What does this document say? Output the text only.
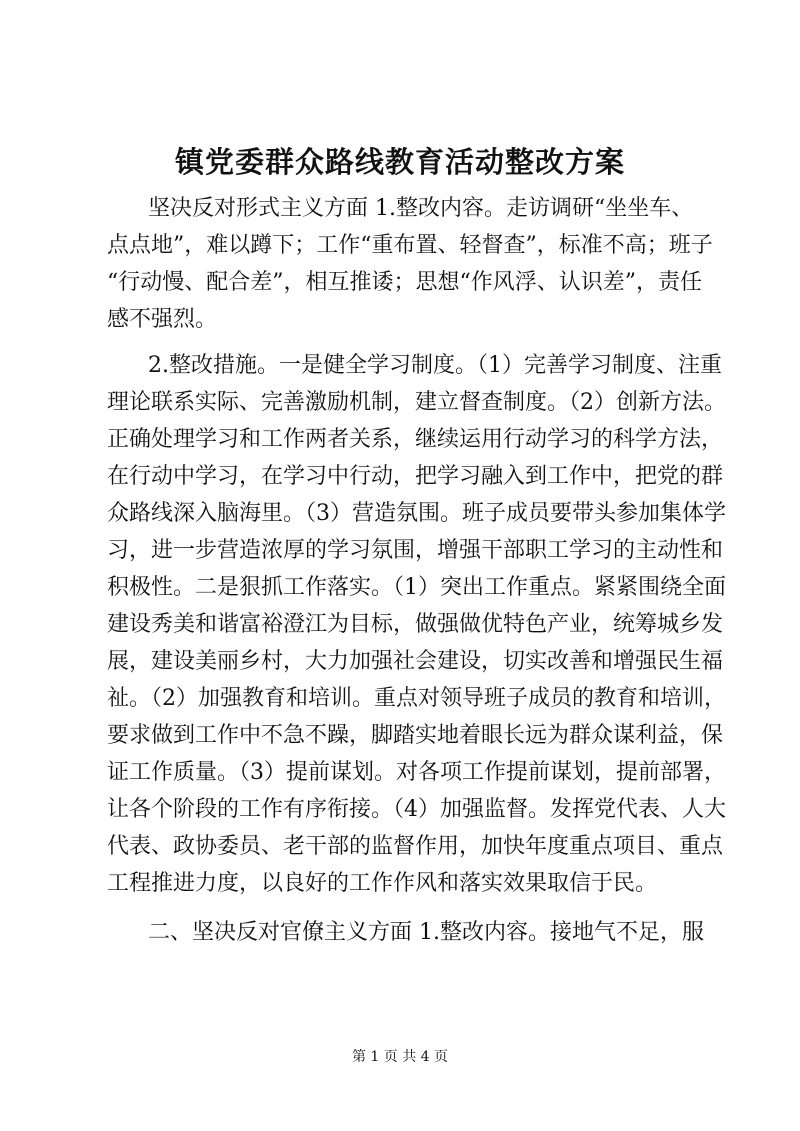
镇党委群众路线教育活动整改方案

坚决反对形式主义方面 1.整改内容。走访调研“坐坐车、

点点地”，难以蹲下；工作“重布置、轻督查”，标准不高；班子

“行动慢、配合差”，相互推诿；思想“作风浮、认识差”，责任

感不强烈。

2.整改措施。一是健全学习制度。（1）完善学习制度、注重

理论联系实际、完善激励机制，建立督查制度。（2）创新方法。

正确处理学习和工作两者关系，继续运用行动学习的科学方法，

在行动中学习，在学习中行动，把学习融入到工作中，把党的群

众路线深入脑海里。（3）营造氛围。班子成员要带头参加集体学

习，进一步营造浓厚的学习氛围，增强干部职工学习的主动性和

积极性。二是狠抓工作落实。（1）突出工作重点。紧紧围绕全面

建设秀美和谐富裕澄江为目标，做强做优特色产业，统筹城乡发

展，建设美丽乡村，大力加强社会建设，切实改善和增强民生福

祉。（2）加强教育和培训。重点对领导班子成员的教育和培训，

要求做到工作中不急不躁，脚踏实地着眼长远为群众谋利益，保

证工作质量。（3）提前谋划。对各项工作提前谋划，提前部署，

让各个阶段的工作有序衔接。（4）加强监督。发挥党代表、人大

代表、政协委员、老干部的监督作用，加快年度重点项目、重点

工程推进力度，以良好的工作作风和落实效果取信于民。

二、坚决反对官僚主义方面 1.整改内容。接地气不足，服

第 1 页 共 4 页
